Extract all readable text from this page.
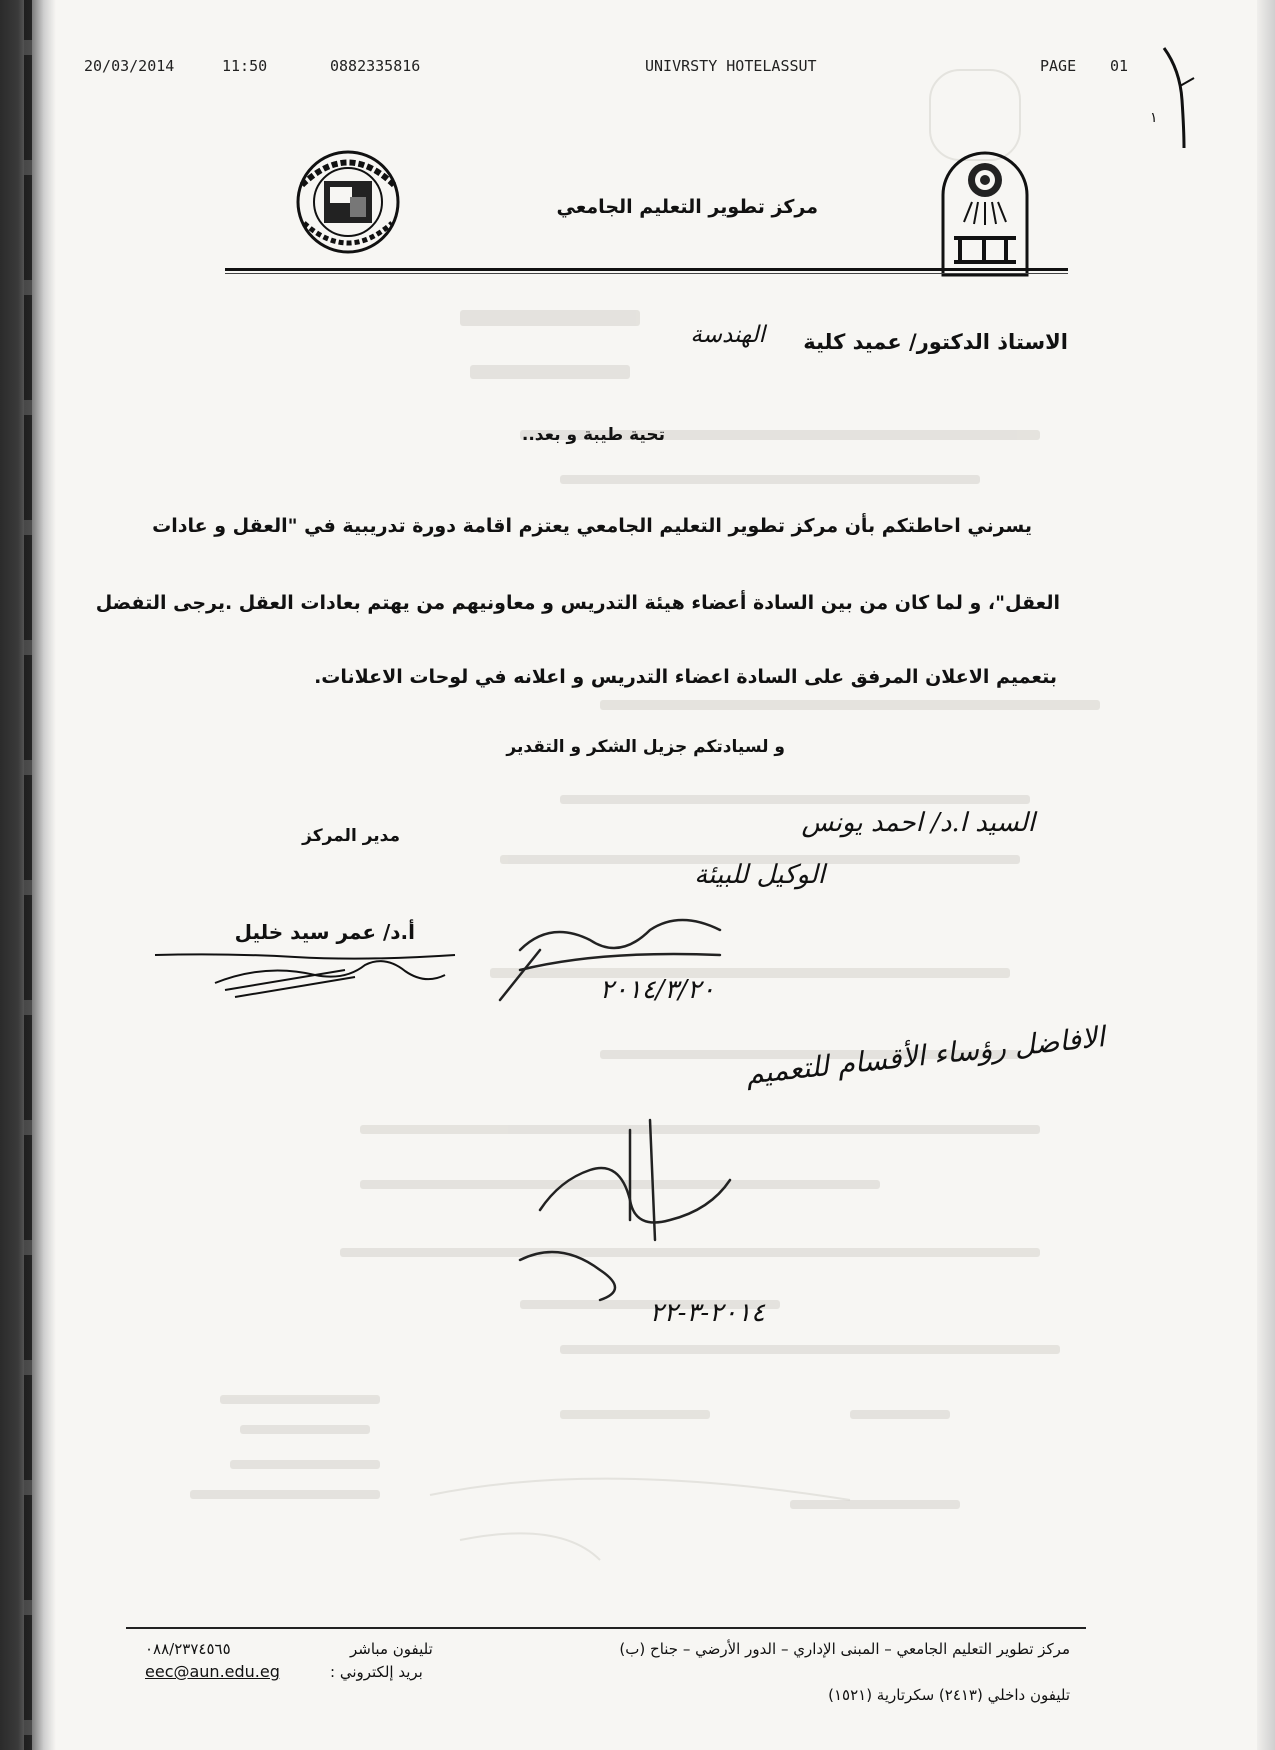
20/03/2014	11:50	0882335816	UNIVRSTY HOTELASSUT	PAGE 01
مركز تطوير التعليم الجامعي
الاستاذ الدكتور/ عميد كلية
الهندسة
تحية طيبة و بعد..
يسرني احاطتكم بأن مركز تطوير التعليم الجامعي يعتزم اقامة دورة تدريبية في "العقل و عادات
العقل"، و لما كان من بين السادة أعضاء هيئة التدريس و معاونيهم من يهتم بعادات العقل .يرجى التفضل
بتعميم الاعلان المرفق على السادة اعضاء التدريس و اعلانه في لوحات الاعلانات.
و لسيادتكم جزيل الشكر و التقدير
مدير المركز
أ.د/ عمر سيد خليل
السيد ا.د/ احمد يونس
الوكيل للبيئة
٢٠١٤/٣/٢٠
الافاضل رؤساء الأقسام للتعميم
٢٠١٤-٣-٢٢
مركز تطوير التعليم الجامعي – المبنى الإداري – الدور الأرضي – جناح (ب)
تليفون داخلي (٢٤١٣) سكرتارية (١٥٢١)
تليفون مباشر
٠٨٨/٢٣٧٤٥٦٥
بريد إلكتروني :
eec@aun.edu.eg
١
